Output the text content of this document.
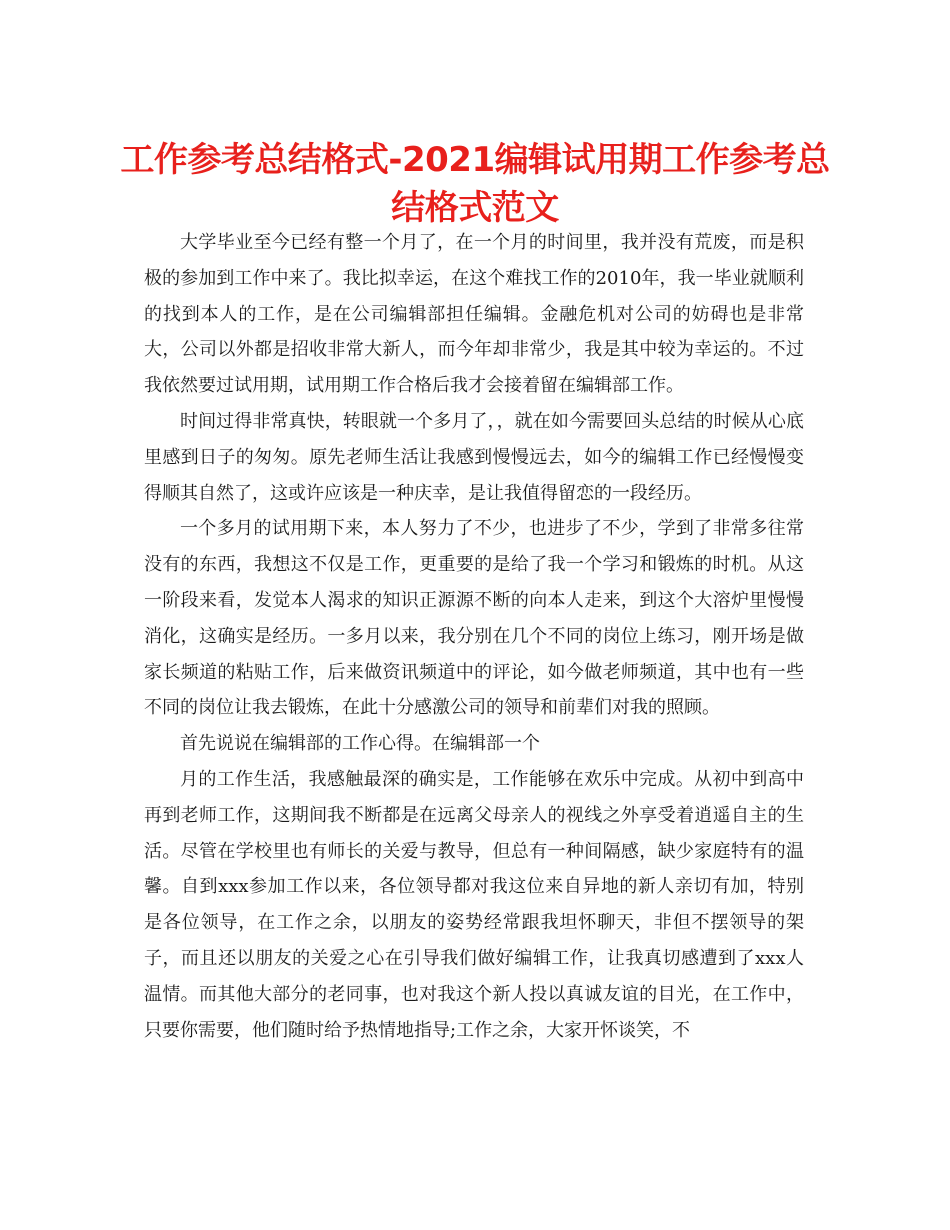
工作参考总结格式-2021编辑试用期工作参考总结格式范文

大学毕业至今已经有整一个月了，在一个月的时间里，我并没有荒废，而是积极的参加到工作中来了。我比拟幸运，在这个难找工作的2010年，我一毕业就顺利的找到本人的工作，是在公司编辑部担任编辑。金融危机对公司的妨碍也是非常大，公司以外都是招收非常大新人，而今年却非常少，我是其中较为幸运的。不过我依然要过试用期，试用期工作合格后我才会接着留在编辑部工作。

时间过得非常真快，转眼就一个多月了，，就在如今需要回头总结的时候从心底里感到日子的匆匆。原先老师生活让我感到慢慢远去，如今的编辑工作已经慢慢变得顺其自然了，这或许应该是一种庆幸，是让我值得留恋的一段经历。

一个多月的试用期下来，本人努力了不少，也进步了不少，学到了非常多往常没有的东西，我想这不仅是工作，更重要的是给了我一个学习和锻炼的时机。从这一阶段来看，发觉本人渴求的知识正源源不断的向本人走来，到这个大溶炉里慢慢消化，这确实是经历。一多月以来，我分别在几个不同的岗位上练习，刚开场是做家长频道的粘贴工作，后来做资讯频道中的评论，如今做老师频道，其中也有一些不同的岗位让我去锻炼，在此十分感激公司的领导和前辈们对我的照顾。

首先说说在编辑部的工作心得。在编辑部一个

月的工作生活，我感触最深的确实是，工作能够在欢乐中完成。从初中到高中再到老师工作，这期间我不断都是在远离父母亲人的视线之外享受着逍遥自主的生活。尽管在学校里也有师长的关爱与教导，但总有一种间隔感，缺少家庭特有的温馨。自到xxx参加工作以来，各位领导都对我这位来自异地的新人亲切有加，特别是各位领导，在工作之余，以朋友的姿势经常跟我坦怀聊天，非但不摆领导的架子，而且还以朋友的关爱之心在引导我们做好编辑工作，让我真切感遭到了xxx人温情。而其他大部分的老同事，也对我这个新人投以真诚友谊的目光，在工作中，只要你需要，他们随时给予热情地指导;工作之余，大家开怀谈笑，不
